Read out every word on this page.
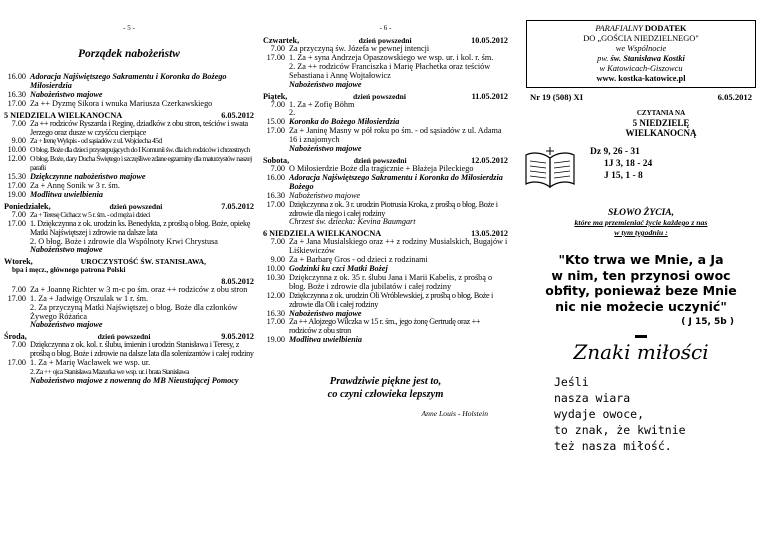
- 5 -
Porządek nabożeństw
16.00 Adoracja Najświętszego Sakramentu i Koronka do Bożego Miłosierdzia
16.30 Nabożeństwo majowe
17.00 Za ++ Dyzmę Sikora i wnuka Mariusza Czerkawskiego
5 NIEDZIELA WIELKANOCNA	6.05.2012
7.00 Za ++ rodziców Ryszarda i Reginę, dziadków z obu stron, teściów i swata Jerzego oraz dusze w czyśćcu cierpiące
9.00 Za + Irenę Wykpis - od sąsiadów z ul. Wojciecha 45d
10.00 O błog. Boże dla dzieci przystępujących do I Komunii św. dla ich rodziców i chrzestnych
12.00 O błog. Boże, dary Ducha Świętego i szczęśliwe zdane egzaminy dla maturzystów naszej parafii
15.30 Dziękczynne nabożeństwo majowe
17.00 Za + Annę Sonik w 3 r. śm.
19.00 Modlitwa uwielbienia
Poniedziałek,	dzień powszedni	7.05.2012
7.00 Za + Teresę Cichacz w 5 r. śm. - od męża i dzieci
17.00 1. Dziękczynna z ok. urodzin ks. Benedykta, z prośbą o błog. Boże, opiekę Matki Najświętszej i zdrowie na dalsze lata
2. O błog. Boże i zdrowie dla Wspólnoty Krwi Chrystusa
Nabożeństwo majowe
Wtorek,	UROCZYSTOŚĆ ŚW. STANISŁAWA,
bpa i męcz., głównego patrona Polski
8.05.2012
7.00 Za + Joannę Richter w 3 m-c po śm. oraz ++ rodziców z obu stron
17.00 1. Za + Jadwigę Orszulak w 1 r. śm.
2. Za przyczyną Matki Najświętszej o błog. Boże dla członków Żywego Różańca
Nabożeństwo majowe
Środa,	dzień powszedni	9.05.2012
7.00 Dziękczynna z ok. kol. r. ślubu, imienin i urodzin Stanisława i Teresy, z prośbą o błog. Boże i zdrowie na dalsze lata dla solenizantów i całej rodziny
17.00 1. Za + Marię Wacławek we wsp. ur.
2. Za ++ ojca Stanisława Mazurka we wsp. ur. i brata Stanisława
Nabożeństwo majowe z nowenną do MB Nieustającej Pomocy
- 6 -
Czwartek,	dzień powszedni	10.05.2012
7.00 Za przyczyną św. Józefa w pewnej intencji
17.00 1. Za + syna Andrzeja Opaszowskiego we wsp. ur. i kol. r. śm.
2. Za ++ rodziców Franciszka i Marię Płachetka oraz teściów Sebastiana i Annę Wojtałowicz
Nabożeństwo majowe
Piątek,	dzień powszedni	11.05.2012
7.00 1. Za + Zofię Böhm
2.
15.00 Koronka do Bożego Miłosierdzia
17.00 Za + Janinę Masny w pół roku po śm. - od sąsiadów z ul. Adama 16 i znajomych
Nabożeństwo majowe
Sobota,	dzień powszedni	12.05.2012
7.00 O Miłosierdzie Boże dla tragicznie + Błażeja Pileckiego
16.00 Adoracja Najświętszego Sakramentu i Koronka do Miłosierdzia Bożego
16.30 Nabożeństwo majowe
17.00 Dziękczynna z ok. 3 r. urodzin Piotrusia Kroka, z prośbą o błog. Boże i zdrowie dla niego i całej rodziny
Chrzest św. dziecka: Kevina Baumgart
6 NIEDZIELA WIELKANOCNA	13.05.2012
7.00 Za + Jana Musialskiego oraz ++ z rodziny Musialskich, Bugajów i Liśkiewiczów
9.00 Za + Barbarę Gros - od dzieci z rodzinami
10.00 Godzinki ku czci Matki Bożej
10.30 Dziękczynna z ok. 35 r. ślubu Jana i Marii Kabelis, z prośbą o błog. Boże i zdrowie dla jubilatów i całej rodziny
12.00 Dziękczynna z ok. urodzin Oli Wróblewskiej, z prośbą o błog. Boże i zdrowie dla Oli i całej rodziny
16.30 Nabożeństwo majowe
17.00 Za ++ Alojzego Wilczka w 15 r. śm., jego żonę Gertrudę oraz ++ rodziców z obu stron
19.00 Modlitwa uwielbienia
Prawdziwie piękne jest to,
co czyni człowieka lepszym
Anne Louis - Holstein
PARAFIALNY DODATEK
DO „GOŚCIA NIEDZIELNEGO"
we Wspólnocie
pw. św. Stanisława Kostki
w Katowicach-Giszowcu
www. kostka-katowice.pl
Nr 19 (508) XI	6.05.2012
CZYTANIA NA
5 NIEDZIELĘ
WIELKANOCNĄ
Dz 9, 26 - 31
1J 3, 18 - 24
J 15, 1 - 8
SŁOWO ŻYCIA,
które ma przemieniać życie każdego z nas
w tym tygodniu :
"Kto trwa we Mnie, a Ja
w nim, ten przynosi owoc
obfity, ponieważ beze Mnie
nic nie możecie uczynić"
( J 15, 5b )
Znaki miłości
Jeśli
nasza wiara
wydaje owoce,
to znak, że kwitnie
też nasza miłość.
